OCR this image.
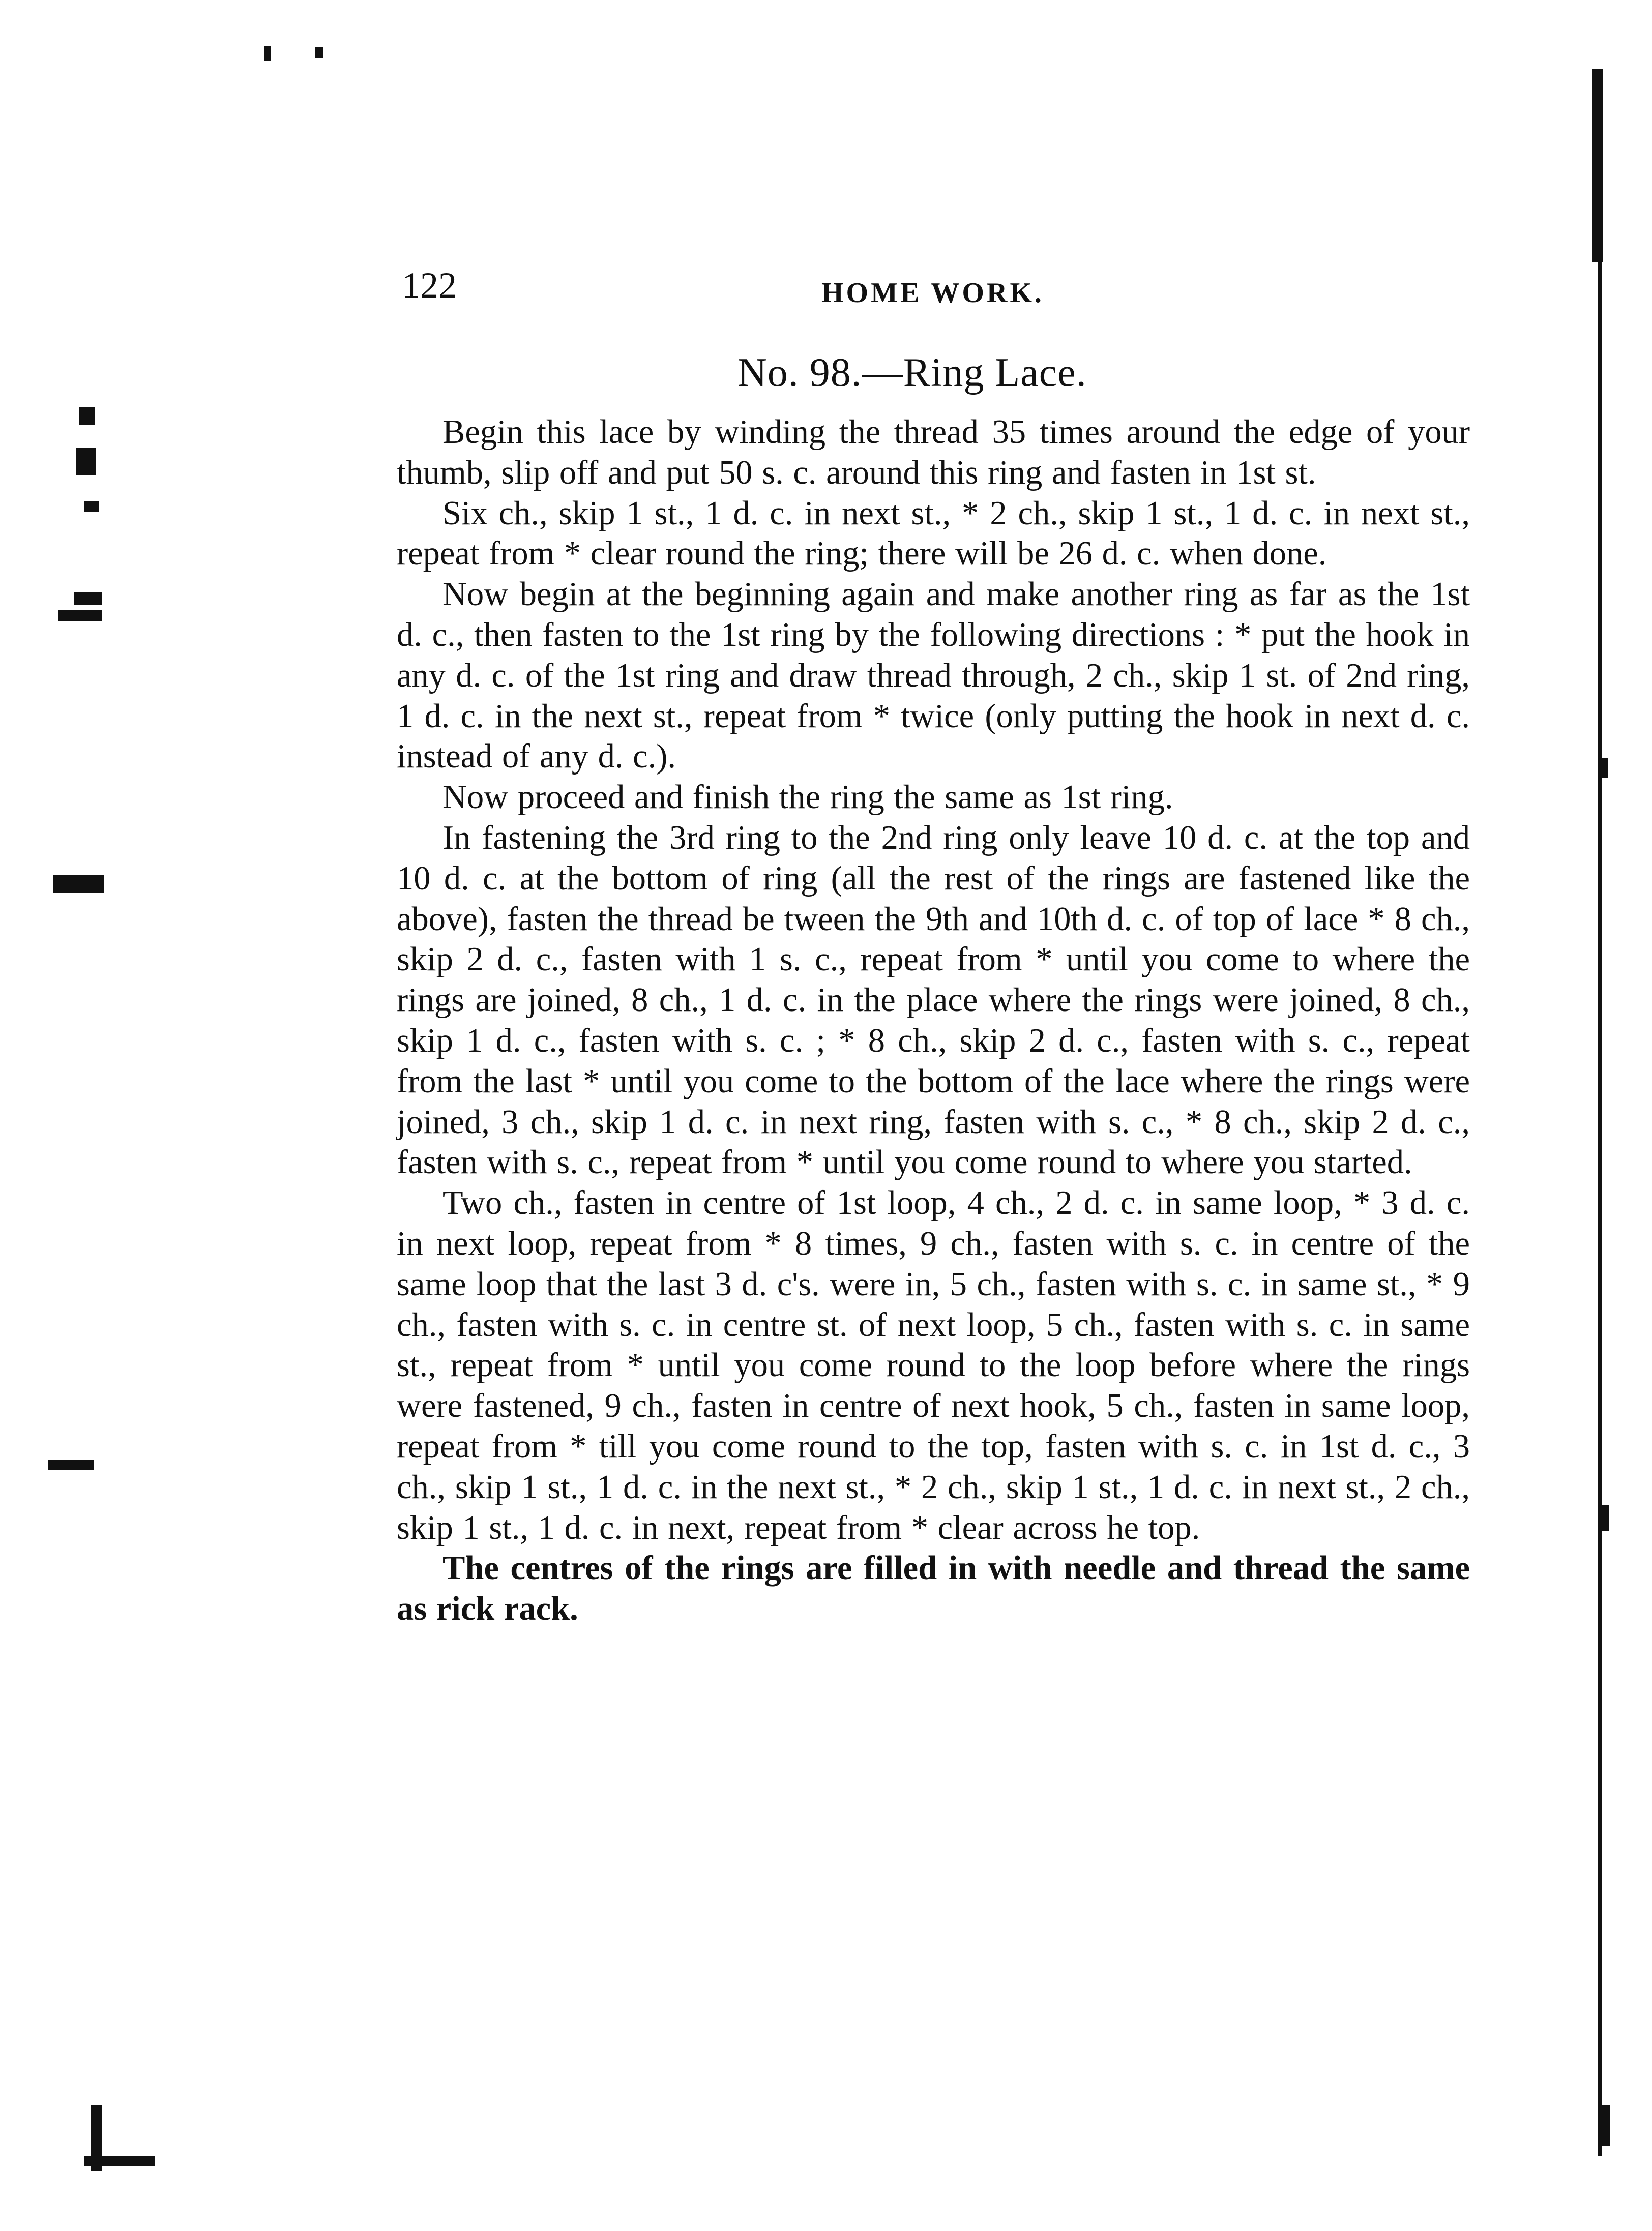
122	HOME WORK.
No. 98.—Ring Lace.

Begin this lace by winding the thread 35 times around the edge of your thumb, slip off and put 50 s. c. around this ring and fasten in 1st st.

Six ch., skip 1 st., 1 d. c. in next st., * 2 ch., skip 1 st., 1 d. c. in next st., repeat from * clear round the ring; there will be 26 d. c. when done.

Now begin at the beginning again and make another ring as far as the 1st d. c., then fasten to the 1st ring by the following directions : * put the hook in any d. c. of the 1st ring and draw thread through, 2 ch., skip 1 st. of 2nd ring, 1 d. c. in the next st., repeat from * twice (only putting the hook in next d. c. instead of any d. c.).

Now proceed and finish the ring the same as 1st ring.

In fastening the 3rd ring to the 2nd ring only leave 10 d. c. at the top and 10 d. c. at the bottom of ring (all the rest of the rings are fastened like the above), fasten the thread be tween the 9th and 10th d. c. of top of lace * 8 ch., skip 2 d. c., fasten with 1 s. c., repeat from * until you come to where the rings are joined, 8 ch., 1 d. c. in the place where the rings were joined, 8 ch., skip 1 d. c., fasten with s. c. ; * 8 ch., skip 2 d. c., fasten with s. c., repeat from the last * until you come to the bottom of the lace where the rings were joined, 3 ch., skip 1 d. c. in next ring, fasten with s. c., * 8 ch., skip 2 d. c., fasten with s. c., repeat from * until you come round to where you started.

Two ch., fasten in centre of 1st loop, 4 ch., 2 d. c. in same loop, * 3 d. c. in next loop, repeat from * 8 times, 9 ch., fasten with s. c. in centre of the same loop that the last 3 d. c's. were in, 5 ch., fasten with s. c. in same st., * 9 ch., fasten with s. c. in centre st. of next loop, 5 ch., fasten with s. c. in same st., repeat from * until you come round to the loop before where the rings were fastened, 9 ch., fasten in centre of next hook, 5 ch., fasten in same loop, repeat from * till you come round to the top, fasten with s. c. in 1st d. c., 3 ch., skip 1 st., 1 d. c. in the next st., * 2 ch., skip 1 st., 1 d. c. in next st., 2 ch., skip 1 st., 1 d. c. in next, repeat from * clear across he top.

The centres of the rings are filled in with needle and thread the same as rick rack.
